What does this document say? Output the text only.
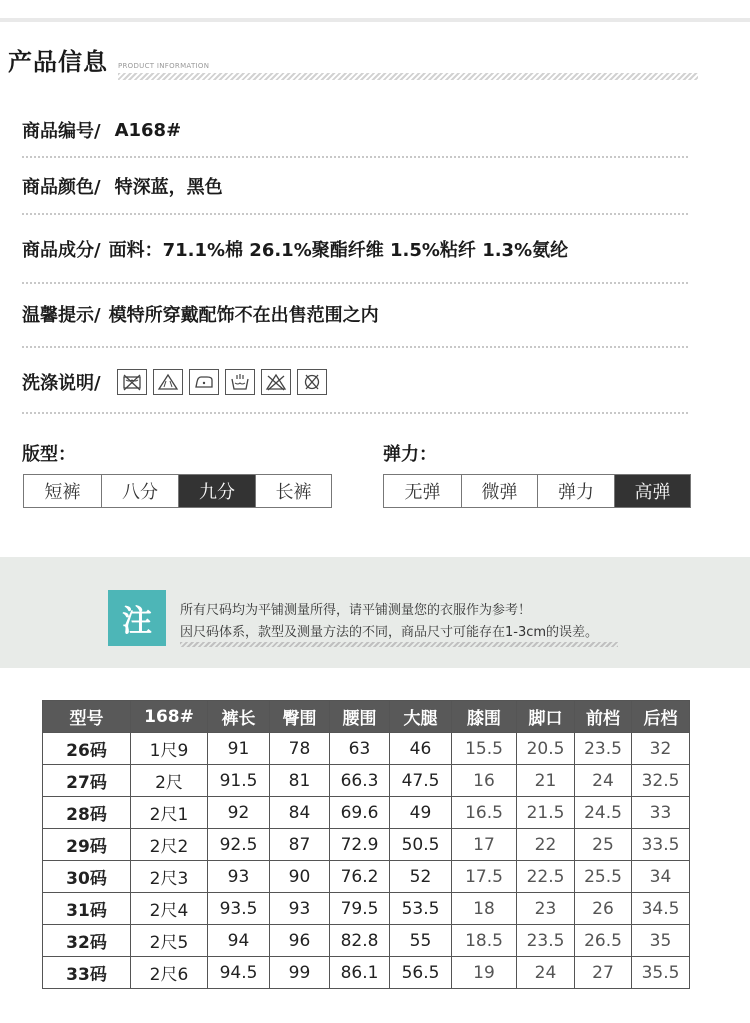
产品信息 PRODUCT INFORMATION
商品编号/ A168#
商品颜色/ 特深蓝，黑色
商品成分/ 面料：71.1%棉 26.1%聚酯纤维 1.5%粘纤 1.3%氨纶
温馨提示/ 模特所穿戴配饰不在出售范围之内
洗涤说明/
版型：
短裤	八分	九分	长裤
弹力：
无弹	微弹	弹力	高弹
注	所有尺码均为平铺测量所得，请平铺测量您的衣服作为参考！
因尺码体系，款型及测量方法的不同，商品尺寸可能存在1-3cm的误差。
型号	168#	裤长	臀围	腰围	大腿	膝围	脚口	前档	后档
26码	1尺9	91	78	63	46	15.5	20.5	23.5	32
27码	2尺	91.5	81	66.3	47.5	16	21	24	32.5
28码	2尺1	92	84	69.6	49	16.5	21.5	24.5	33
29码	2尺2	92.5	87	72.9	50.5	17	22	25	33.5
30码	2尺3	93	90	76.2	52	17.5	22.5	25.5	34
31码	2尺4	93.5	93	79.5	53.5	18	23	26	34.5
32码	2尺5	94	96	82.8	55	18.5	23.5	26.5	35
33码	2尺6	94.5	99	86.1	56.5	19	24	27	35.5
